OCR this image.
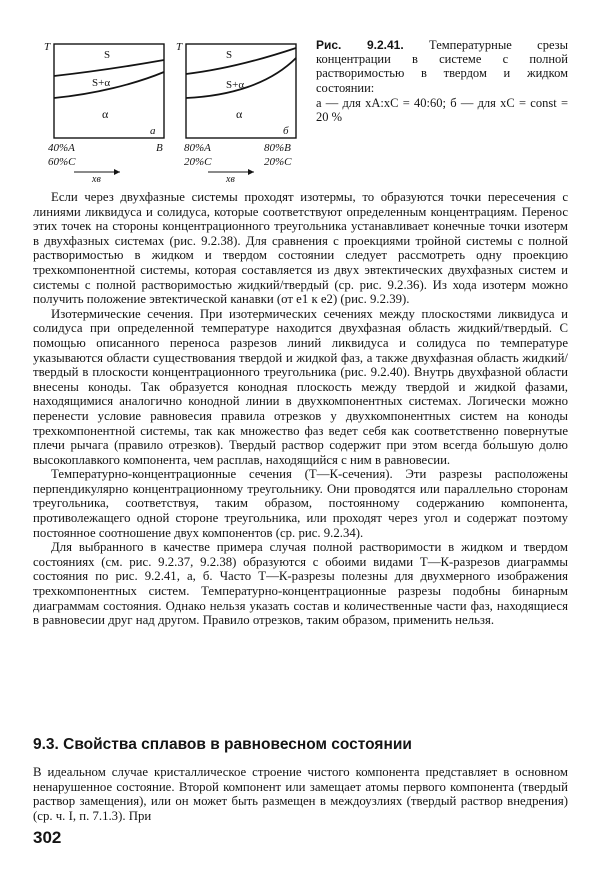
T
S
S+α
α
а
B
40%A
60%C
xв
T
S
S+α
α
б
80%A
20%C
80%B
20%C
xв
Рис. 9.2.41. Температурные срезы концентрации в системе с полной растворимостью в твердом и жидком состоянии:
а — для xA:xC = 40:60; б — для xC = const = 20 %

Если через двухфазные системы проходят изотермы, то образуются точки пересечения с линиями ликвидуса и солидуса, которые соответствуют определенным концентрациям. Перенос этих точек на стороны концентрационного треугольника устанавливает конечные точки изотерм в двухфазных системах (рис. 9.2.38). Для сравнения с проекциями тройной системы с полной растворимостью в жидком и твердом состоянии следует рассмотреть одну проекцию трехкомпонентной системы, которая составляется из двух эвтектических двухфазных систем и системы с полной растворимостью жидкий/твердый (ср. рис. 9.2.36). Из хода изотерм можно получить положение эвтектической канавки (от e1 к e2) (рис. 9.2.39).

Изотермические сечения. При изотермических сечениях между плоскостями ликвидуса и солидуса при определенной температуре находится двухфазная область жидкий/твердый. С помощью описанного переноса разрезов линий ликвидуса и солидуса по температуре указываются области существования твердой и жидкой фаз, а также двухфазная область жидкий/твердый в плоскости концентрационного треугольника (рис. 9.2.40). Внутрь двухфазной области внесены коноды. Так образуется конодная плоскость между твердой и жидкой фазами, находящимися аналогично конодной линии в двухкомпонентных системах. Логически можно перенести условие равновесия правила отрезков у двухкомпонентных систем на коноды трехкомпонентной системы, так как множество фаз ведет себя как соответственно повернутые плечи рычага (правило отрезков). Твердый раствор содержит при этом всегда бо́льшую долю высокоплавкого компонента, чем расплав, находящийся с ним в равновесии.

Температурно-концентрационные сечения (Т—К-сечения). Эти разрезы расположены перпендикулярно концентрационному треугольнику. Они проводятся или параллельно сторонам треугольника, соответствуя, таким образом, постоянному содержанию компонента, противолежащего одной стороне треугольника, или проходят через угол и содержат поэтому постоянное соотношение двух компонентов (ср. рис. 9.2.34).

Для выбранного в качестве примера случая полной растворимости в жидком и твердом состояниях (см. рис. 9.2.37, 9.2.38) образуются с обоими видами Т—К-разрезов диаграммы состояния по рис. 9.2.41, а, б. Часто Т—К-разрезы полезны для двухмерного изображения трехкомпонентных систем. Температурно-концентрационные разрезы подобны бинарным диаграммам состояния. Однако нельзя указать состав и количественные части фаз, находящиеся в равновесии друг над другом. Правило отрезков, таким образом, применить нельзя.

9.3. Свойства сплавов в равновесном состоянии

В идеальном случае кристаллическое строение чистого компонента представляет в основном ненарушенное состояние. Второй компонент или замещает атомы первого компонента (твердый раствор замещения), или он может быть размещен в междоузлиях (твердый раствор внедрения) (ср. ч. I, п. 7.1.3). При

302
